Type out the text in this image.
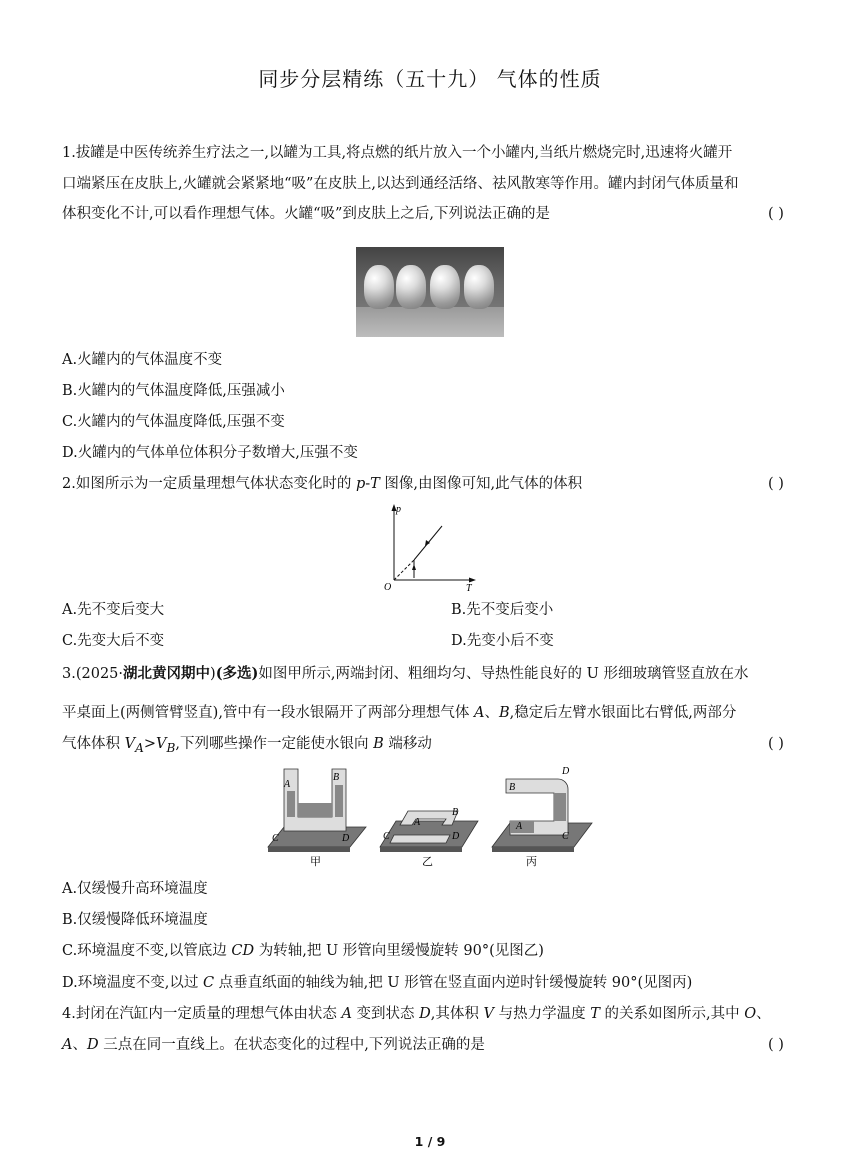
同步分层精练（五十九） 气体的性质
1.拔罐是中医传统养生疗法之一,以罐为工具,将点燃的纸片放入一个小罐内,当纸片燃烧完时,迅速将火罐开
口端紧压在皮肤上,火罐就会紧紧地“吸”在皮肤上,以达到通经活络、祛风散寒等作用。罐内封闭气体质量和
体积变化不计,可以看作理想气体。火罐“吸”到皮肤上之后,下列说法正确的是	( )
A.火罐内的气体温度不变
B.火罐内的气体温度降低,压强减小
C.火罐内的气体温度降低,压强不变
D.火罐内的气体单位体积分子数增大,压强不变
2.如图所示为一定质量理想气体状态变化时的 p-T 图像,由图像可知,此气体的体积	( )
p
T
O
A.先不变后变大	B.先不变后变小
C.先变大后不变	D.先变小后不变
3.(2025·湖北黄冈期中)(多选)如图甲所示,两端封闭、粗细均匀、导热性能良好的 U 形细玻璃管竖直放在水
平桌面上(两侧管臂竖直),管中有一段水银隔开了两部分理想气体 A、B,稳定后左臂水银面比右臂低,两部分
气体体积 $V_A>V_B$,下列哪些操作一定能使水银向 B 端移动	( )
A
B
C	D
甲
A
B
C	D
乙
B
D
A
C
丙
A.仅缓慢升高环境温度
B.仅缓慢降低环境温度
C.环境温度不变,以管底边 CD 为转轴,把 U 形管向里缓慢旋转 90°(见图乙)
D.环境温度不变,以过 C 点垂直纸面的轴线为轴,把 U 形管在竖直面内逆时针缓慢旋转 90°(见图丙)
4.封闭在汽缸内一定质量的理想气体由状态 A 变到状态 D,其体积 V 与热力学温度 T 的关系如图所示,其中 O、
A、D 三点在同一直线上。在状态变化的过程中,下列说法正确的是	( )
1 / 9
